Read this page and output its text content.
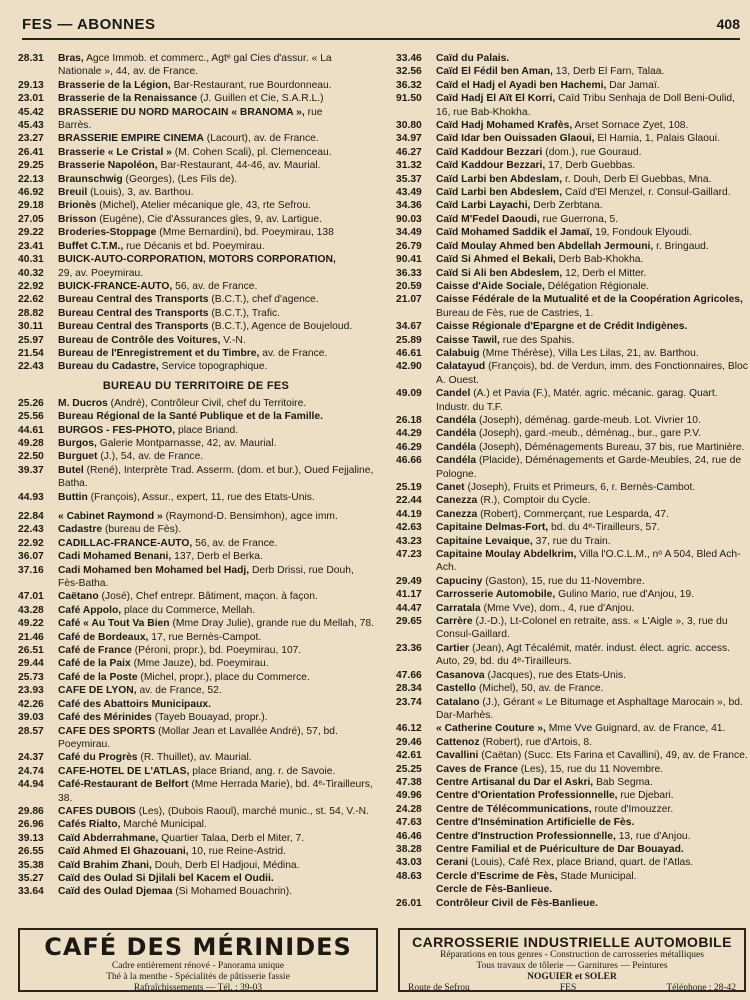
FES — ABONNES	408
28.31	Bras, Agce Immob. et commerc., Agtᵉ gal Cies d'assur. « La Nationale », 44, av. de France.
29.13	Brasserie de la Légion, Bar-Restaurant, rue Bourdonneau.
23.01	Brasserie de la Renaissance (J. Guillen et Cie, S.A.R.L.)
45.42	BRASSERIE DU NORD MAROCAIN « BRANOMA », rue
45.43	Barrès.
23.27	BRASSERIE EMPIRE CINEMA (Lacourt), av. de France.
26.41	Brasserie « Le Cristal » (M. Cohen Scali), pl. Clemenceau.
29.25	Brasserie Napoléon, Bar-Restaurant, 44-46, av. Maurial.
22.13	Braunschwig (Georges), (Les Fils de).
46.92	Breuil (Louis), 3, av. Barthou.
29.18	Brionès (Michel), Atelier mécanique gle, 43, rte Sefrou.
27.05	Brisson (Eugène), Cie d'Assurances gles, 9, av. Lartigue.
29.22	Broderies-Stoppage (Mme Bernardini), bd. Poeymirau, 138
23.41	Buffet C.T.M., rue Décanis et bd. Poeymirau.
40.31	BUICK-AUTO-CORPORATION, MOTORS CORPORATION,
40.32	29, av. Poeymirau.
22.92	BUICK-FRANCE-AUTO, 56, av. de France.
22.62	Bureau Central des Transports (B.C.T.), chef d'agence.
28.82	Bureau Central des Transports (B.C.T.), Trafic.
30.11	Bureau Central des Transports (B.C.T.), Agence de Boujeloud.
25.97	Bureau de Contrôle des Voitures, V.-N.
21.54	Bureau de l'Enregistrement et du Timbre, av. de France.
22.43	Bureau du Cadastre, Service topographique.
BUREAU DU TERRITOIRE DE FES
25.26	M. Ducros (André), Contrôleur Civil, chef du Territoire.
25.56	Bureau Régional de la Santé Publique et de la Famille.
44.61	BURGOS - FES-PHOTO, place Briand.
49.28	Burgos, Galerie Montparnasse, 42, av. Maurial.
22.50	Burguet (J.), 54, av. de France.
39.37	Butel (René), Interprète Trad. Asserm. (dom. et bur.), Oued Fejjaline, Batha.
44.93	Buttin (François), Assur., expert, 11, rue des Etats-Unis.
22.84	« Cabinet Raymond » (Raymond-D. Bensimhon), agce imm.
22.43	Cadastre (bureau de Fès).
22.92	CADILLAC-FRANCE-AUTO, 56, av. de France.
36.07	Cadi Mohamed Benani, 137, Derb el Berka.
37.16	Cadi Mohamed ben Mohamed bel Hadj, Derb Drissi, rue Douh, Fès-Batha.
47.01	Caëtano (José), Chef entrepr. Bâtiment, maçon. à façon.
43.28	Café Appolo, place du Commerce, Mellah.
49.22	Café « Au Tout Va Bien (Mme Dray Julie), grande rue du Mellah, 78.
21.46	Café de Bordeaux, 17, rue Bernès-Campot.
26.51	Café de France (Péroni, propr.), bd. Poeymirau, 107.
29.44	Café de la Paix (Mme Jauze), bd. Poeymirau.
25.73	Café de la Poste (Michel, propr.), place du Commerce.
23.93	CAFE DE LYON, av. de France, 52.
42.26	Café des Abattoirs Municipaux.
39.03	Café des Mérinides (Tayeb Bouayad, propr.).
28.57	CAFE DES SPORTS (Mollar Jean et Lavallée André), 57, bd. Poeymirau.
24.37	Café du Progrès (R. Thuillet), av. Maurial.
24.74	CAFE-HOTEL DE L'ATLAS, place Briand, ang. r. de Savoie.
44.94	Café-Restaurant de Belfort (Mme Herrada Marie), bd. 4ᵉ-Tirailleurs, 38.
29.86	CAFES DUBOIS (Les), (Dubois Raoul), marché munic., st. 54, V.-N.
26.96	Cafés Rialto, Marché Municipal.
39.13	Caïd Abderrahmane, Quartier Talaa, Derb el Miter, 7.
26.55	Caïd Ahmed El Ghazouani, 10, rue Reine-Astrid.
35.38	Caïd Brahim Zhani, Douh, Derb El Hadjoui, Médina.
35.27	Caïd des Oulad Si Djilali bel Kacem el Oudii.
33.64	Caïd des Oulad Djemaa (Si Mohamed Bouachrin).
33.46	Caïd du Palais.
32.56	Caïd El Fédil ben Aman, 13, Derb El Farn, Talaa.
36.32	Caïd el Hadj el Ayadi ben Hachemi, Dar Jamaï.
91.50	Caïd Hadj El Aït El Korri, Caïd Tribu Senhaja de Doll Beni-Oulid, 16, rue Bab-Khokha.
30.80	Caïd Hadj Mohamed Krafès, Arset Sornace Zyet, 108.
34.97	Caïd Idar ben Ouissaden Glaoui, El Hamia, 1, Palais Glaoui.
46.27	Caïd Kaddour Bezzari (dom.), rue Gouraud.
31.32	Caïd Kaddour Bezzari, 17, Derb Guebbas.
35.37	Caïd Larbi ben Abdeslam, r. Douh, Derb El Guebbas, Mna.
43.49	Caïd Larbi ben Abdeslem, Caïd d'El Menzel, r. Consul-Gaillard.
34.36	Caïd Larbi Layachi, Derb Zerbtana.
90.03	Caïd M'Fedel Daoudi, rue Guerrona, 5.
34.49	Caïd Mohamed Saddik el Jamaï, 19, Fondouk Elyoudi.
26.79	Caïd Moulay Ahmed ben Abdellah Jermouni, r. Bringaud.
90.41	Caïd Si Ahmed el Bekali, Derb Bab-Khokha.
36.33	Caïd Si Ali ben Abdeslem, 12, Derb el Mitter.
20.59	Caisse d'Aide Sociale, Délégation Régionale.
21.07	Caisse Fédérale de la Mutualité et de la Coopération Agricoles, Bureau de Fès, rue de Castries, 1.
34.67	Caisse Régionale d'Epargne et de Crédit Indigènes.
25.89	Caisse Tawil, rue des Spahis.
46.61	Calabuig (Mme Thérèse), Villa Les Lilas, 21, av. Barthou.
42.90	Calatayud (François), bd. de Verdun, imm. des Fonctionnaires, Bloc A. Ouest.
49.09	Candel (A.) et Pavia (F.), Matér. agric. mécanic. garag. Quart. Industr. du T.F.
26.18	Candéla (Joseph), déménag. garde-meub. Lot. Vivrier 10.
44.29	Candéla (Joseph), gard.-meub., déménag., bur., gare P.V.
46.29	Candéla (Joseph), Déménagements Bureau, 37 bis, rue Martinière.
46.66	Candéla (Placide), Déménagements et Garde-Meubles, 24, rue de Pologne.
25.19	Canet (Joseph), Fruits et Primeurs, 6, r. Bernès-Cambot.
22.44	Canezza (R.), Comptoir du Cycle.
44.19	Canezza (Robert), Commerçant, rue Lesparda, 47.
42.63	Capitaine Delmas-Fort, bd. du 4ᵉ-Tirailleurs, 57.
43.23	Capitaine Levaique, 37, rue du Train.
47.23	Capitaine Moulay Abdelkrim, Villa l'O.C.L.M., nᵒ A 504, Bled Ach-Ach.
29.49	Capuciny (Gaston), 15, rue du 11-Novembre.
41.17	Carrosserie Automobile, Gulino Mario, rue d'Anjou, 19.
44.47	Carratala (Mme Vve), dom., 4, rue d'Anjou.
29.65	Carrère (J.-D.), Lt-Colonel en retraite, ass. « L'Aigle », 3, rue du Consul-Gaillard.
23.36	Cartier (Jean), Agt Técalémit, matér. indust. élect. agric. access. Auto, 29, bd. du 4ᵉ-Tirailleurs.
47.66	Casanova (Jacques), rue des Etats-Unis.
28.34	Castello (Michel), 50, av. de France.
23.74	Catalano (J.), Gérant « Le Bitumage et Asphaltage Marocain », bd. Dar-Marhès.
46.12	« Catherine Couture », Mme Vve Guignard, av. de France, 41.
29.46	Cattenoz (Robert), rue d'Artois, 8.
42.61	Cavallini (Caëtan) (Succ. Ets Farina et Cavallini), 49, av. de France.
25.25	Caves de France (Les), 15, rue du 11 Novembre.
47.38	Centre Artisanal du Dar el Askri, Bab Segma.
49.96	Centre d'Orientation Professionnelle, rue Djebari.
24.28	Centre de Télécommunications, route d'Imouzzer.
47.63	Centre d'Insémination Artificielle de Fès.
46.46	Centre d'Instruction Professionnelle, 13, rue d'Anjou.
38.28	Centre Familial et de Puériculture de Dar Bouayad.
43.03	Cerani (Louis), Café Rex, place Briand, quart. de l'Atlas.
48.63	Cercle d'Escrime de Fès, Stade Municipal.
Cercle de Fès-Banlieue.
26.01	Contrôleur Civil de Fès-Banlieue.
CAFÉ DES MÉRINIDES
Cadre entièrement rénové - Panorama unique
Thé à la menthe - Spécialités de pâtisserie fassie
Rafraîchissements — Tél. : 39-03
CARROSSERIE INDUSTRIELLE AUTOMOBILE
Réparations en tous genres - Construction de carrosseries métalliques
Tous travaux de tôlerie — Garnitures — Peintures
NOGUIER et SOLER
Route de Sefrou	FES	Téléphone : 28-42
